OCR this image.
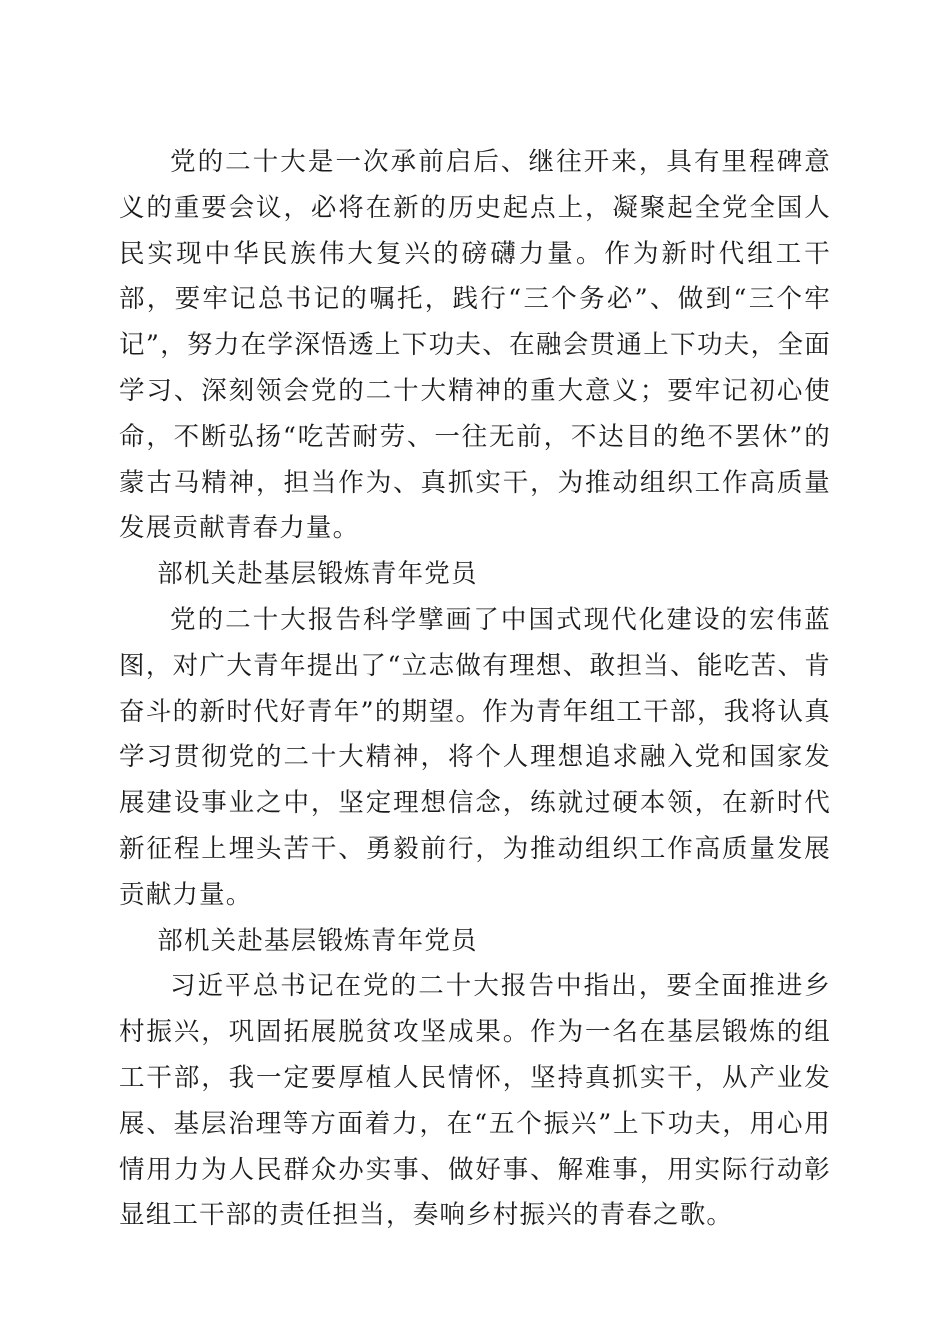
党的二十大是一次承前启后、继往开来，具有里程碑意义的重要会议，必将在新的历史起点上，凝聚起全党全国人民实现中华民族伟大复兴的磅礴力量。作为新时代组工干部，要牢记总书记的嘱托，践行“三个务必”、做到“三个牢记”，努力在学深悟透上下功夫、在融会贯通上下功夫，全面学习、深刻领会党的二十大精神的重大意义；要牢记初心使命，不断弘扬“吃苦耐劳、一往无前，不达目的绝不罢休”的蒙古马精神，担当作为、真抓实干，为推动组织工作高质量发展贡献青春力量。

部机关赴基层锻炼青年党员

党的二十大报告科学擘画了中国式现代化建设的宏伟蓝图，对广大青年提出了“立志做有理想、敢担当、能吃苦、肯奋斗的新时代好青年”的期望。作为青年组工干部，我将认真学习贯彻党的二十大精神，将个人理想追求融入党和国家发展建设事业之中，坚定理想信念，练就过硬本领，在新时代新征程上埋头苦干、勇毅前行，为推动组织工作高质量发展贡献力量。

部机关赴基层锻炼青年党员

习近平总书记在党的二十大报告中指出，要全面推进乡村振兴，巩固拓展脱贫攻坚成果。作为一名在基层锻炼的组工干部，我一定要厚植人民情怀，坚持真抓实干，从产业发展、基层治理等方面着力，在“五个振兴”上下功夫，用心用情用力为人民群众办实事、做好事、解难事，用实际行动彰显组工干部的责任担当，奏响乡村振兴的青春之歌。
